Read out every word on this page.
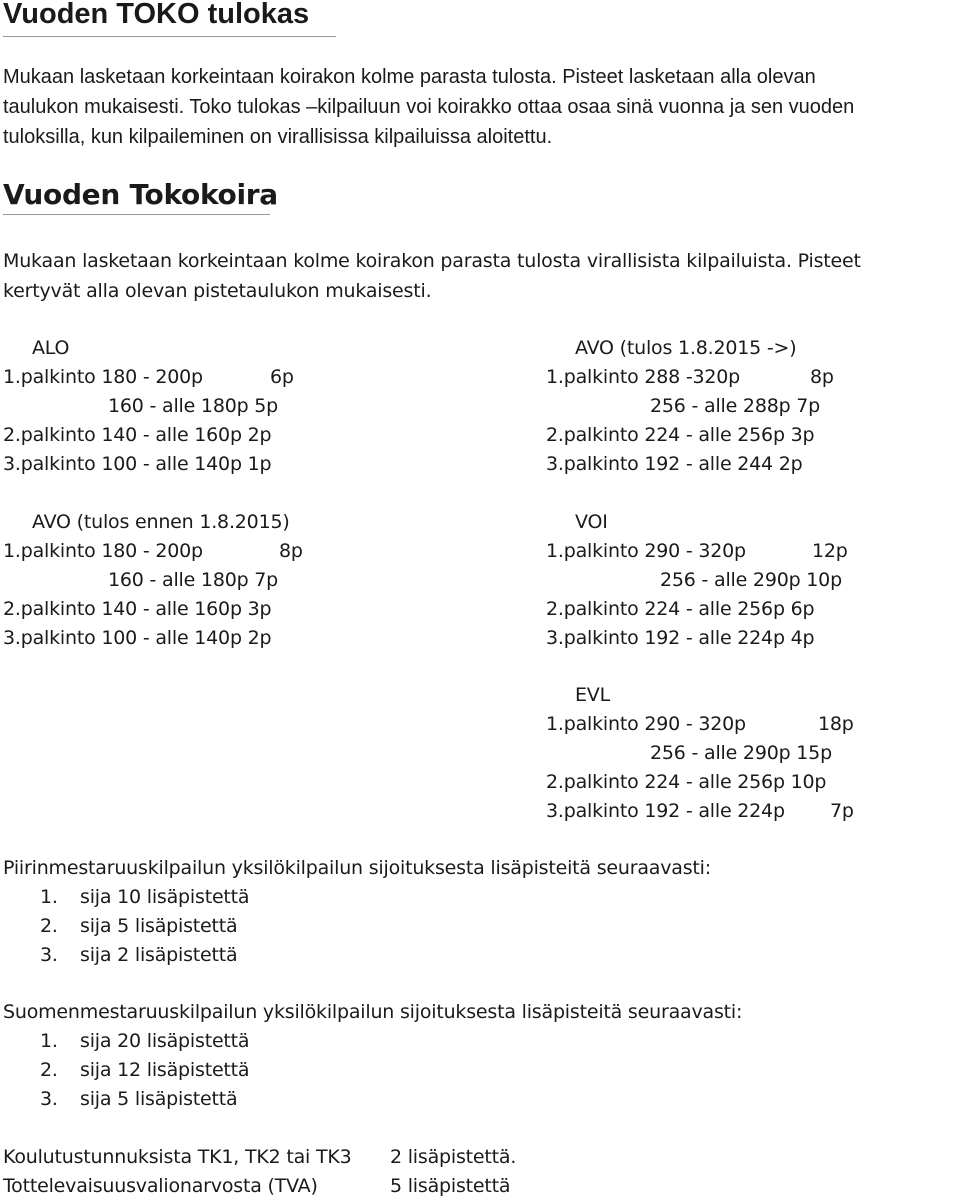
Vuoden TOKO tulokas
Mukaan lasketaan korkeintaan koirakon kolme parasta tulosta. Pisteet lasketaan alla olevan
taulukon mukaisesti. Toko tulokas –kilpailuun voi koirakko ottaa osaa sinä vuonna ja sen vuoden
tuloksilla, kun kilpaileminen on virallisissa kilpailuissa aloitettu.
Vuoden Tokokoira
Mukaan lasketaan korkeintaan kolme koirakon parasta tulosta virallisista kilpailuista. Pisteet
kertyvät alla olevan pistetaulukon mukaisesti.
ALO
1.palkinto 180 - 200p	6p
160 - alle 180p 5p
2.palkinto 140 - alle 160p 2p
3.palkinto 100 - alle 140p 1p
AVO (tulos ennen 1.8.2015)
1.palkinto 180 - 200p	8p
160 - alle 180p 7p
2.palkinto 140 - alle 160p 3p
3.palkinto 100 - alle 140p 2p
AVO (tulos 1.8.2015 ->)
1.palkinto 288 -320p	8p
256 - alle 288p 7p
2.palkinto 224 - alle 256p 3p
3.palkinto 192 - alle 244 2p
VOI
1.palkinto 290 - 320p	12p
256 - alle 290p 10p
2.palkinto 224 - alle 256p 6p
3.palkinto 192 - alle 224p 4p
EVL
1.palkinto 290 - 320p	18p
256 - alle 290p 15p
2.palkinto 224 - alle 256p 10p
3.palkinto 192 - alle 224p 7p
Piirinmestaruuskilpailun yksilökilpailun sijoituksesta lisäpisteitä seuraavasti:
1. sija 10 lisäpistettä
2. sija 5 lisäpistettä
3. sija 2 lisäpistettä
Suomenmestaruuskilpailun yksilökilpailun sijoituksesta lisäpisteitä seuraavasti:
1. sija 20 lisäpistettä
2. sija 12 lisäpistettä
3. sija 5 lisäpistettä
Koulutustunnuksista TK1, TK2 tai TK3 2 lisäpistettä.
Tottelevaisuusvalionarvosta (TVA)	5 lisäpistettä
